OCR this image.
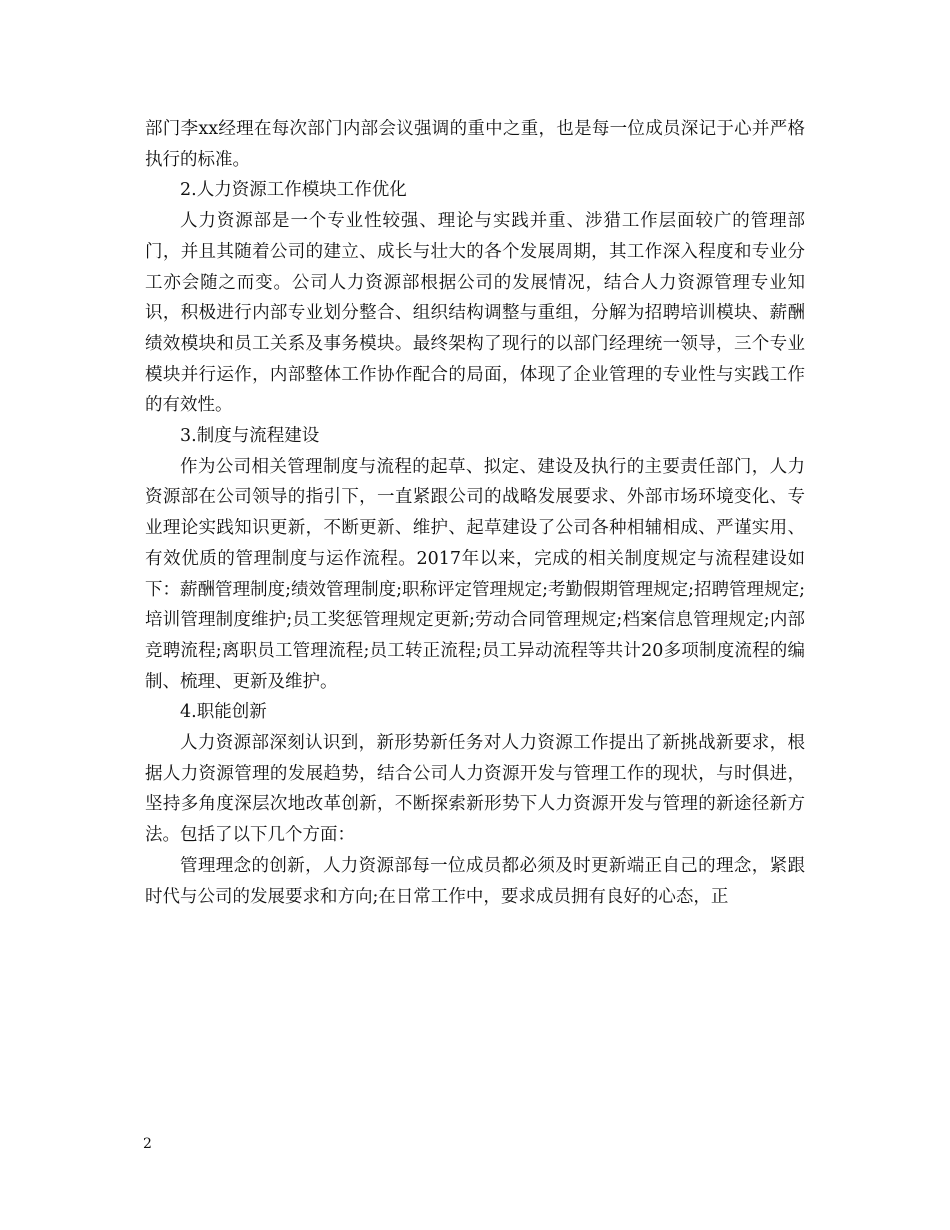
部门李xx经理在每次部门内部会议强调的重中之重，也是每一位成员深记于心并严格执行的标准。

2.人力资源工作模块工作优化

人力资源部是一个专业性较强、理论与实践并重、涉猎工作层面较广的管理部门，并且其随着公司的建立、成长与壮大的各个发展周期，其工作深入程度和专业分工亦会随之而变。公司人力资源部根据公司的发展情况，结合人力资源管理专业知识，积极进行内部专业划分整合、组织结构调整与重组，分解为招聘培训模块、薪酬绩效模块和员工关系及事务模块。最终架构了现行的以部门经理统一领导，三个专业模块并行运作，内部整体工作协作配合的局面，体现了企业管理的专业性与实践工作的有效性。

3.制度与流程建设

作为公司相关管理制度与流程的起草、拟定、建设及执行的主要责任部门，人力资源部在公司领导的指引下，一直紧跟公司的战略发展要求、外部市场环境变化、专业理论实践知识更新，不断更新、维护、起草建设了公司各种相辅相成、严谨实用、有效优质的管理制度与运作流程。2017年以来，完成的相关制度规定与流程建设如下：薪酬管理制度;绩效管理制度;职称评定管理规定;考勤假期管理规定;招聘管理规定;培训管理制度维护;员工奖惩管理规定更新;劳动合同管理规定;档案信息管理规定;内部竞聘流程;离职员工管理流程;员工转正流程;员工异动流程等共计20多项制度流程的编制、梳理、更新及维护。

4.职能创新

人力资源部深刻认识到，新形势新任务对人力资源工作提出了新挑战新要求，根据人力资源管理的发展趋势，结合公司人力资源开发与管理工作的现状，与时俱进，坚持多角度深层次地改革创新，不断探索新形势下人力资源开发与管理的新途径新方法。包括了以下几个方面：

管理理念的创新，人力资源部每一位成员都必须及时更新端正自己的理念，紧跟时代与公司的发展要求和方向;在日常工作中，要求成员拥有良好的心态，正

2
